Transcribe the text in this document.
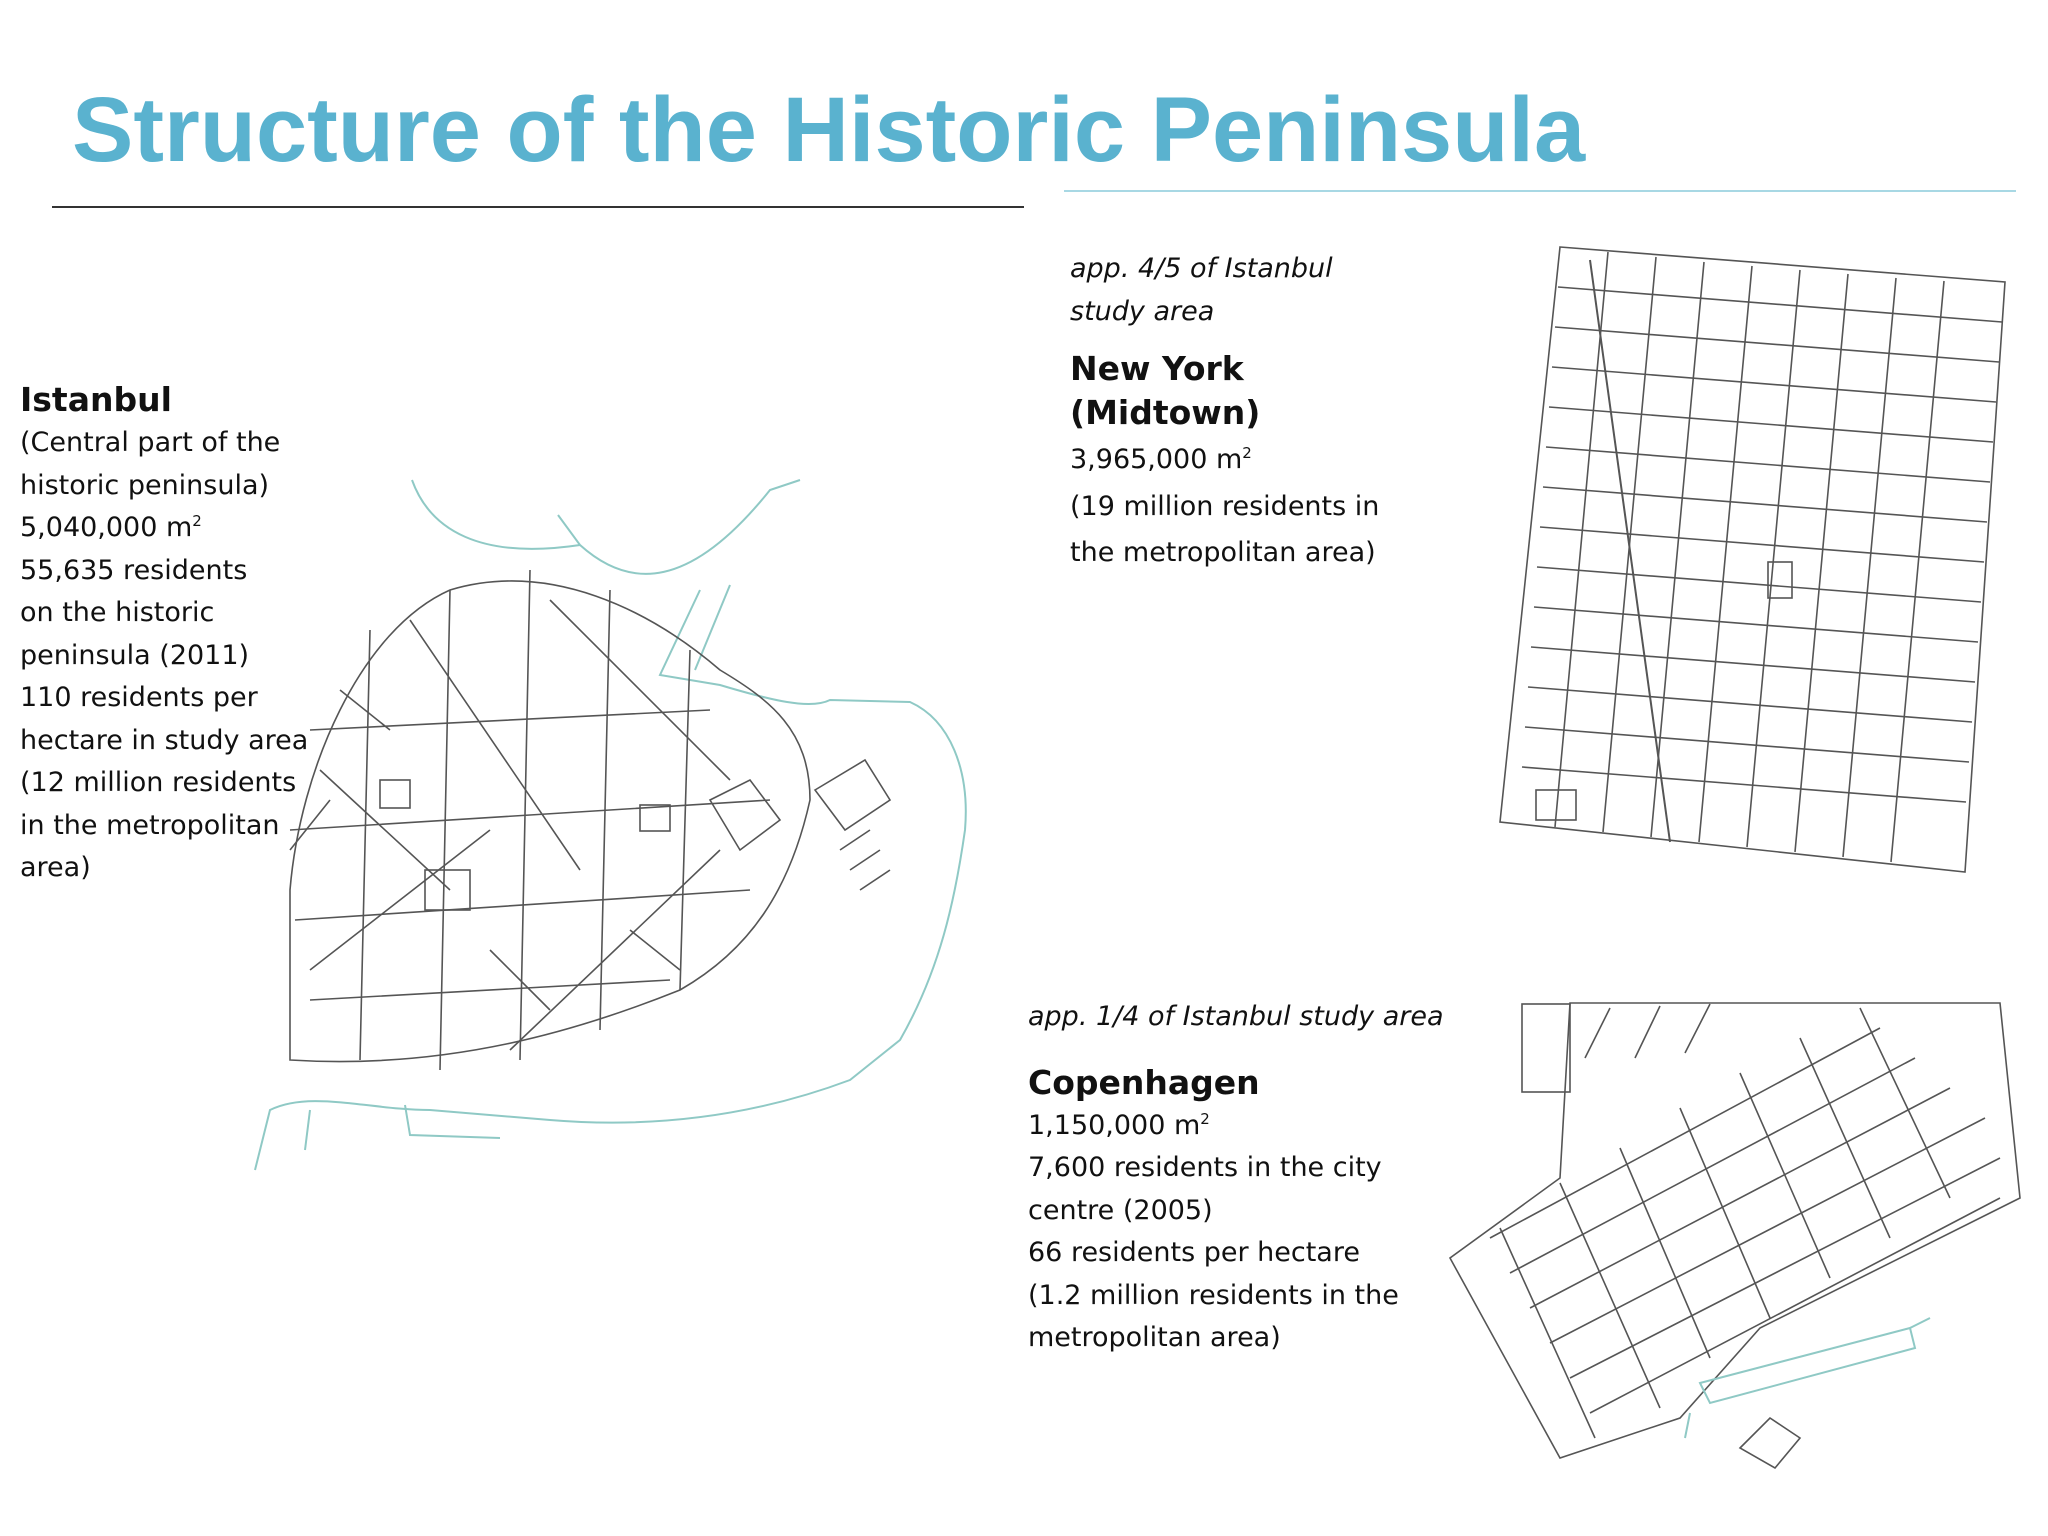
Structure of the Historic Peninsula
Istanbul
(Central part of the
historic peninsula)
5,040,000 $m^2$
55,635 residents
on the historic
peninsula (2011)
110 residents per
hectare in study area
(12 million residents
in the metropolitan
area)
app. 4/5 of Istanbul
study area
New York
(Midtown)
3,965,000 $m^2$
(19 million residents in
the metropolitan area)
app. 1/4 of Istanbul study area
Copenhagen
1,150,000 $m^2$
7,600 residents in the city
centre (2005)
66 residents per hectare
(1.2 million residents in the
metropolitan area)
